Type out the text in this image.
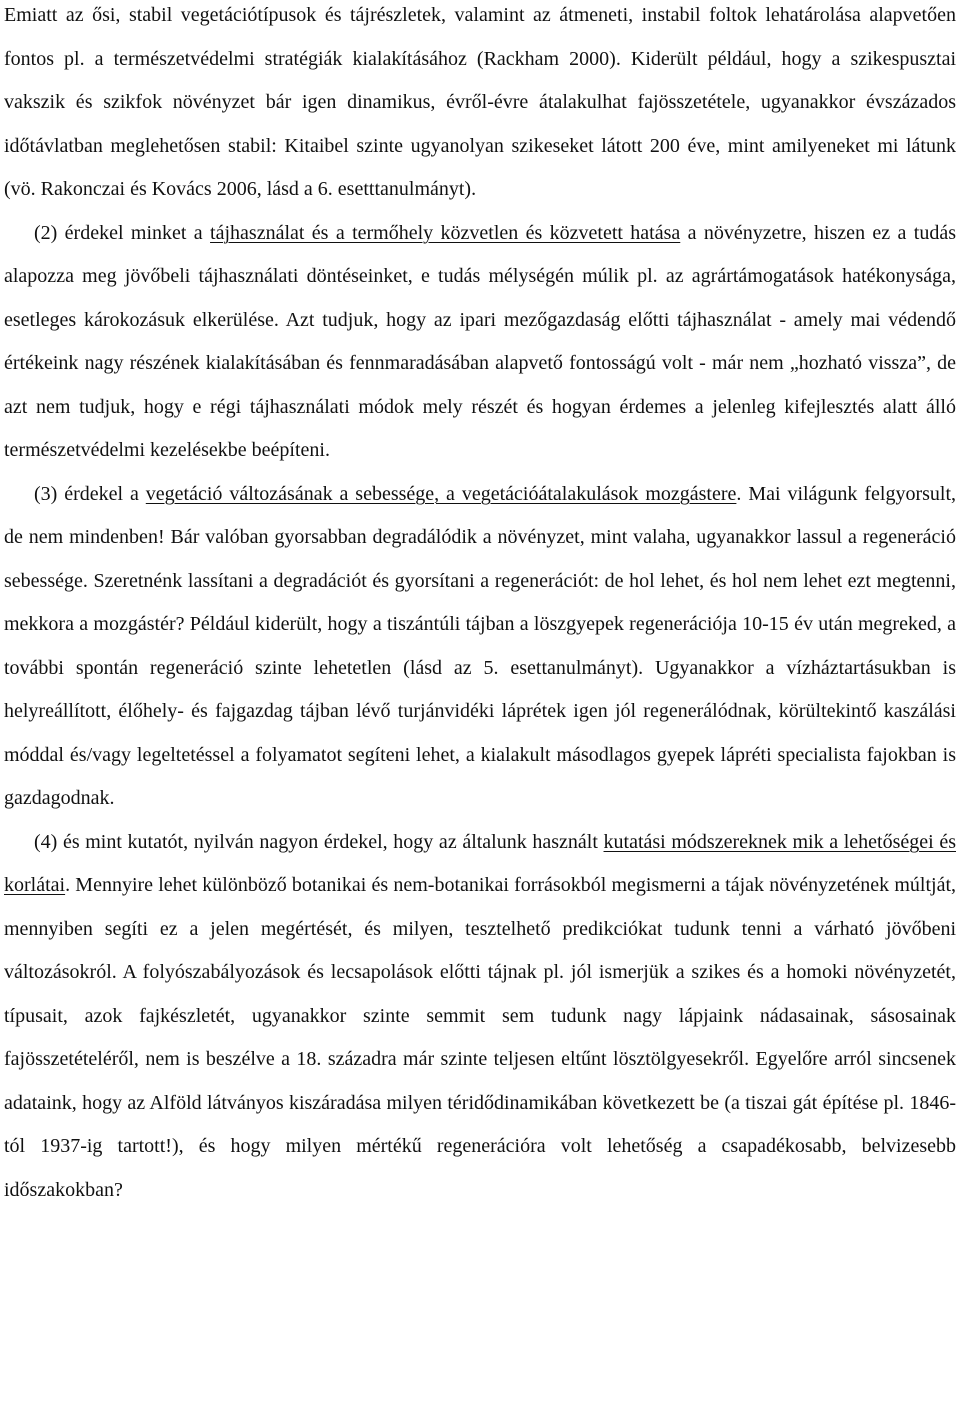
Emiatt az ősi, stabil vegetációtípusok és tájrészletek, valamint az átmeneti, instabil foltok lehatárolása alapvetően fontos pl. a természetvédelmi stratégiák kialakításához (Rackham 2000). Kiderült például, hogy a szikespusztai vakszik és szikfok növényzet bár igen dinamikus, évről-évre átalakulhat fajösszetétele, ugyanakkor évszázados időtávlatban meglehetősen stabil: Kitaibel szinte ugyanolyan szikeseket látott 200 éve, mint amilyeneket mi látunk (vö. Rakonczai és Kovács 2006, lásd a 6. esetttanulmányt).

(2) érdekel minket a tájhasználat és a termőhely közvetlen és közvetett hatása a növényzetre, hiszen ez a tudás alapozza meg jövőbeli tájhasználati döntéseinket, e tudás mélységén múlik pl. az agrártámogatások hatékonysága, esetleges károkozásuk elkerülése. Azt tudjuk, hogy az ipari mezőgazdaság előtti tájhasználat - amely mai védendő értékeink nagy részének kialakításában és fennmaradásában alapvető fontosságú volt - már nem „hozható vissza”, de azt nem tudjuk, hogy e régi tájhasználati módok mely részét és hogyan érdemes a jelenleg kifejlesztés alatt álló természetvédelmi kezelésekbe beépíteni.

(3) érdekel a vegetáció változásának a sebessége, a vegetációátalakulások mozgástere. Mai világunk felgyorsult, de nem mindenben! Bár valóban gyorsabban degradálódik a növényzet, mint valaha, ugyanakkor lassul a regeneráció sebessége. Szeretnénk lassítani a degradációt és gyorsítani a regenerációt: de hol lehet, és hol nem lehet ezt megtenni, mekkora a mozgástér? Például kiderült, hogy a tiszántúli tájban a löszgyepek regenerációja 10-15 év után megreked, a további spontán regeneráció szinte lehetetlen (lásd az 5. esettanulmányt). Ugyanakkor a vízháztartásukban is helyreállított, élőhely- és fajgazdag tájban lévő turjánvidéki láprétek igen jól regenerálódnak, körültekintő kaszálási móddal és/vagy legeltetéssel a folyamatot segíteni lehet, a kialakult másodlagos gyepek lápréti specialista fajokban is gazdagodnak.

(4) és mint kutatót, nyilván nagyon érdekel, hogy az általunk használt kutatási módszereknek mik a lehetőségei és korlátai. Mennyire lehet különböző botanikai és nem-botanikai forrásokból megismerni a tájak növényzetének múltját, mennyiben segíti ez a jelen megértését, és milyen, tesztelhető predikciókat tudunk tenni a várható jövőbeni változásokról. A folyószabályozások és lecsapolások előtti tájnak pl. jól ismerjük a szikes és a homoki növényzetét, típusait, azok fajkészletét, ugyanakkor szinte semmit sem tudunk nagy lápjaink nádasainak, sásosainak fajösszetételéről, nem is beszélve a 18. századra már szinte teljesen eltűnt lösztölgyesekről. Egyelőre arról sincsenek adataink, hogy az Alföld látványos kiszáradása milyen téridődinamikában következett be (a tiszai gát építése pl. 1846-tól 1937-ig tartott!), és hogy milyen mértékű regenerációra volt lehetőség a csapadékosabb, belvizesebb időszakokban?
